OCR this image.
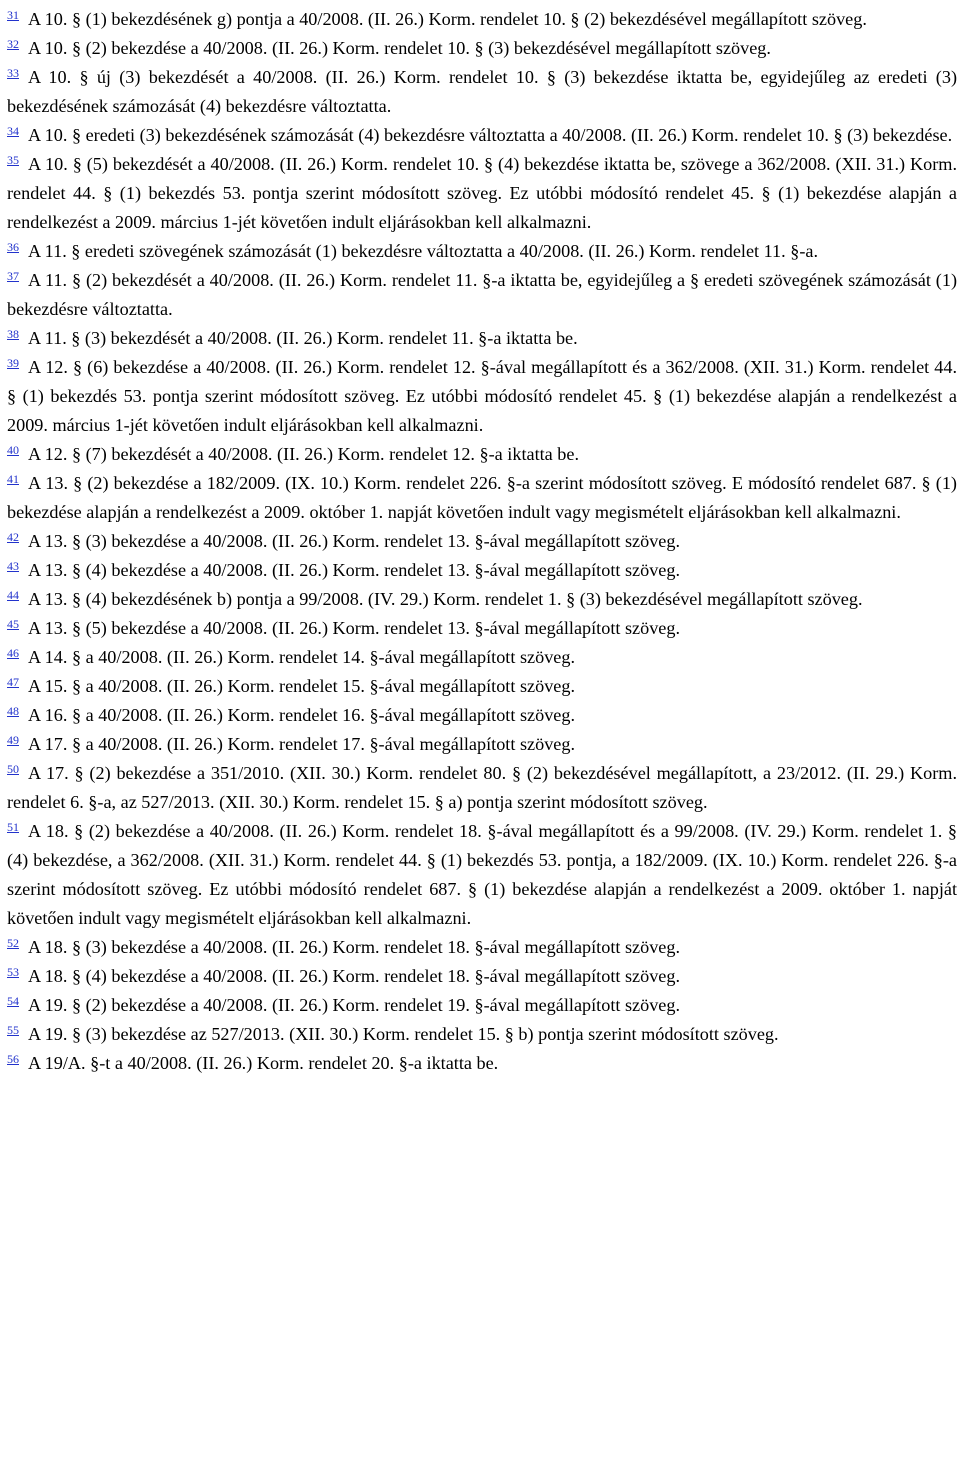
$^{31}$ A 10. § (1) bekezdésének g) pontja a 40/2008. (II. 26.) Korm. rendelet 10. § (2) bekezdésével megállapított szöveg.

$^{32}$ A 10. § (2) bekezdése a 40/2008. (II. 26.) Korm. rendelet 10. § (3) bekezdésével megállapított szöveg.

$^{33}$ A 10. § új (3) bekezdését a 40/2008. (II. 26.) Korm. rendelet 10. § (3) bekezdése iktatta be, egyidejűleg az eredeti (3) bekezdésének számozását (4) bekezdésre változtatta.

$^{34}$ A 10. § eredeti (3) bekezdésének számozását (4) bekezdésre változtatta a 40/2008. (II. 26.) Korm. rendelet 10. § (3) bekezdése.

$^{35}$ A 10. § (5) bekezdését a 40/2008. (II. 26.) Korm. rendelet 10. § (4) bekezdése iktatta be, szövege a 362/2008. (XII. 31.) Korm. rendelet 44. § (1) bekezdés 53. pontja szerint módosított szöveg. Ez utóbbi módosító rendelet 45. § (1) bekezdése alapján a rendelkezést a 2009. március 1-jét követően indult eljárásokban kell alkalmazni.

$^{36}$ A 11. § eredeti szövegének számozását (1) bekezdésre változtatta a 40/2008. (II. 26.) Korm. rendelet 11. §-a.

$^{37}$ A 11. § (2) bekezdését a 40/2008. (II. 26.) Korm. rendelet 11. §-a iktatta be, egyidejűleg a § eredeti szövegének számozását (1) bekezdésre változtatta.

$^{38}$ A 11. § (3) bekezdését a 40/2008. (II. 26.) Korm. rendelet 11. §-a iktatta be.

$^{39}$ A 12. § (6) bekezdése a 40/2008. (II. 26.) Korm. rendelet 12. §-ával megállapított és a 362/2008. (XII. 31.) Korm. rendelet 44. § (1) bekezdés 53. pontja szerint módosított szöveg. Ez utóbbi módosító rendelet 45. § (1) bekezdése alapján a rendelkezést a 2009. március 1-jét követően indult eljárásokban kell alkalmazni.

$^{40}$ A 12. § (7) bekezdését a 40/2008. (II. 26.) Korm. rendelet 12. §-a iktatta be.

$^{41}$ A 13. § (2) bekezdése a 182/2009. (IX. 10.) Korm. rendelet 226. §-a szerint módosított szöveg. E módosító rendelet 687. § (1) bekezdése alapján a rendelkezést a 2009. október 1. napját követően indult vagy megismételt eljárásokban kell alkalmazni.

$^{42}$ A 13. § (3) bekezdése a 40/2008. (II. 26.) Korm. rendelet 13. §-ával megállapított szöveg.

$^{43}$ A 13. § (4) bekezdése a 40/2008. (II. 26.) Korm. rendelet 13. §-ával megállapított szöveg.

$^{44}$ A 13. § (4) bekezdésének b) pontja a 99/2008. (IV. 29.) Korm. rendelet 1. § (3) bekezdésével megállapított szöveg.

$^{45}$ A 13. § (5) bekezdése a 40/2008. (II. 26.) Korm. rendelet 13. §-ával megállapított szöveg.

$^{46}$ A 14. § a 40/2008. (II. 26.) Korm. rendelet 14. §-ával megállapított szöveg.

$^{47}$ A 15. § a 40/2008. (II. 26.) Korm. rendelet 15. §-ával megállapított szöveg.

$^{48}$ A 16. § a 40/2008. (II. 26.) Korm. rendelet 16. §-ával megállapított szöveg.

$^{49}$ A 17. § a 40/2008. (II. 26.) Korm. rendelet 17. §-ával megállapított szöveg.

$^{50}$ A 17. § (2) bekezdése a 351/2010. (XII. 30.) Korm. rendelet 80. § (2) bekezdésével megállapított, a 23/2012. (II. 29.) Korm. rendelet 6. §-a, az 527/2013. (XII. 30.) Korm. rendelet 15. § a) pontja szerint módosított szöveg.

$^{51}$ A 18. § (2) bekezdése a 40/2008. (II. 26.) Korm. rendelet 18. §-ával megállapított és a 99/2008. (IV. 29.) Korm. rendelet 1. § (4) bekezdése, a 362/2008. (XII. 31.) Korm. rendelet 44. § (1) bekezdés 53. pontja, a 182/2009. (IX. 10.) Korm. rendelet 226. §-a szerint módosított szöveg. Ez utóbbi módosító rendelet 687. § (1) bekezdése alapján a rendelkezést a 2009. október 1. napját követően indult vagy megismételt eljárásokban kell alkalmazni.

$^{52}$ A 18. § (3) bekezdése a 40/2008. (II. 26.) Korm. rendelet 18. §-ával megállapított szöveg.

$^{53}$ A 18. § (4) bekezdése a 40/2008. (II. 26.) Korm. rendelet 18. §-ával megállapított szöveg.

$^{54}$ A 19. § (2) bekezdése a 40/2008. (II. 26.) Korm. rendelet 19. §-ával megállapított szöveg.

$^{55}$ A 19. § (3) bekezdése az 527/2013. (XII. 30.) Korm. rendelet 15. § b) pontja szerint módosított szöveg.

$^{56}$ A 19/A. §-t a 40/2008. (II. 26.) Korm. rendelet 20. §-a iktatta be.
